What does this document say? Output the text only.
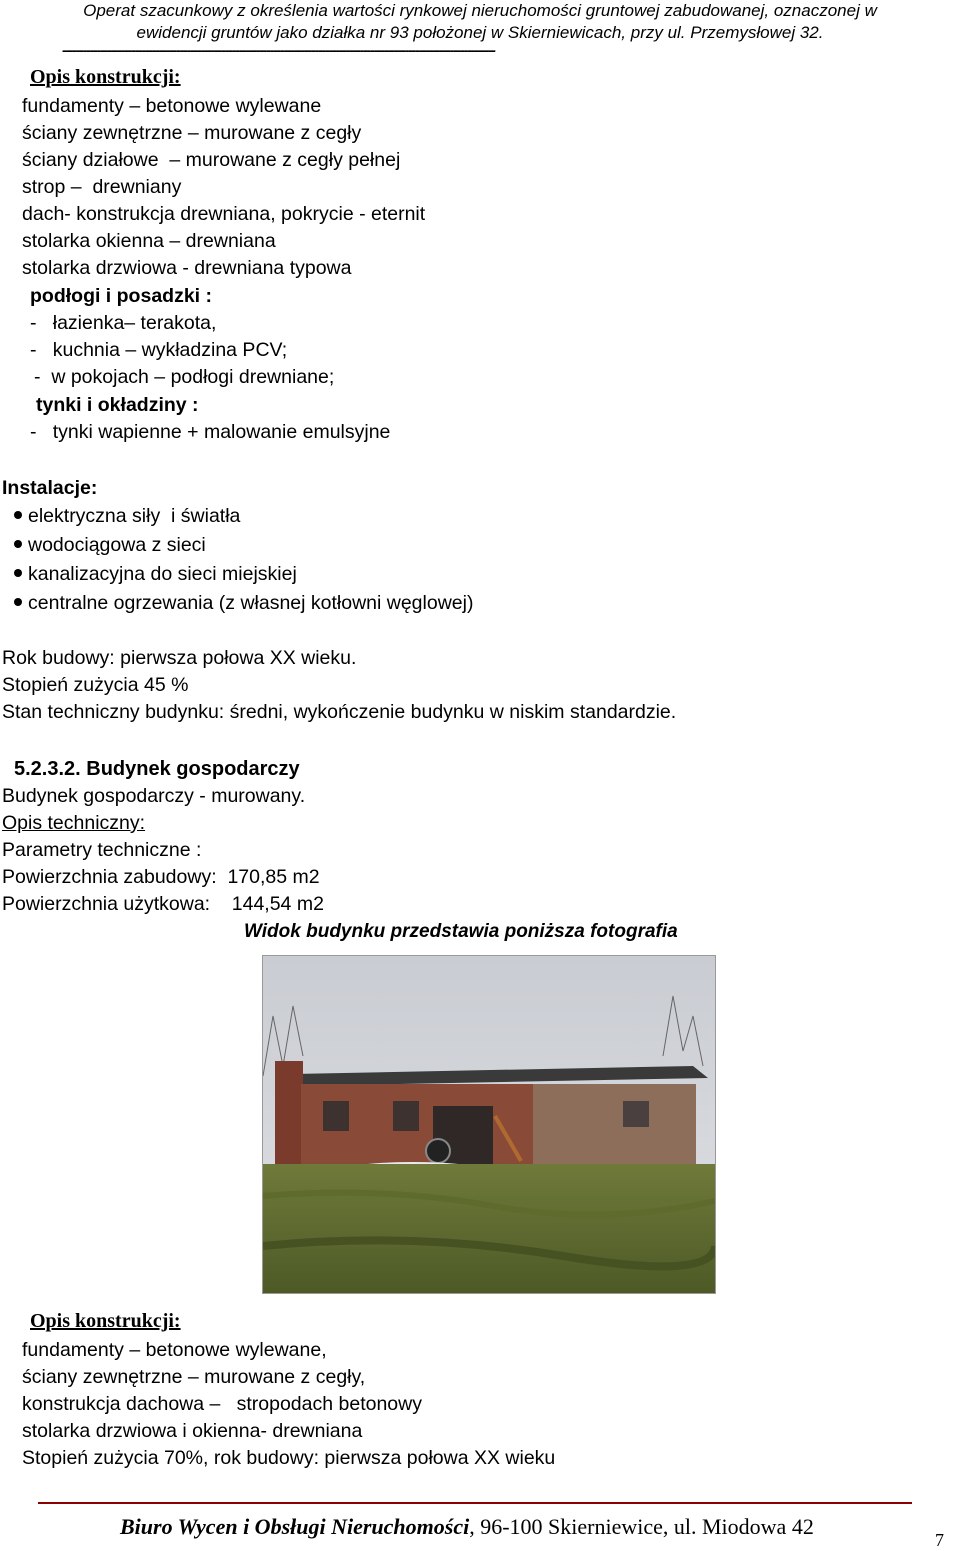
Operat szacunkowy z określenia wartości rynkowej nieruchomości gruntowej zabudowanej, oznaczonej w
ewidencji gruntów jako działka nr 93 położonej w Skierniewicach, przy ul. Przemysłowej 32.
-----------------------------------------------------------------------------------------------------------------------------
Opis konstrukcji:
fundamenty – betonowe wylewane
ściany zewnętrzne – murowane z cegły
ściany działowe  – murowane z cegły pełnej
strop –  drewniany
dach- konstrukcja drewniana, pokrycie - eternit
stolarka okienna – drewniana
stolarka drzwiowa - drewniana typowa
podłogi i posadzki :
-   łazienka– terakota,
-   kuchnia – wykładzina PCV;
-  w pokojach – podłogi drewniane;
tynki i okładziny :
-   tynki wapienne + malowanie emulsyjne
Instalacje:
elektryczna siły  i światła
wodociągowa z sieci
kanalizacyjna do sieci miejskiej
centralne ogrzewania (z własnej kotłowni węglowej)
Rok budowy: pierwsza połowa XX wieku.
Stopień zużycia 45 %
Stan techniczny budynku: średni, wykończenie budynku w niskim standardzie.
5.2.3.2. Budynek gospodarczy
Budynek gospodarczy - murowany.
Opis techniczny:
Parametry techniczne :
Powierzchnia zabudowy:  170,85 m2
Powierzchnia użytkowa:    144,54 m2
Widok budynku przedstawia poniższa fotografia
Opis konstrukcji:
fundamenty – betonowe wylewane,
ściany zewnętrzne – murowane z cegły,
konstrukcja dachowa –   stropodach betonowy
stolarka drzwiowa i okienna- drewniana
Stopień zużycia 70%, rok budowy: pierwsza połowa XX wieku
Biuro Wycen i Obsługi Nieruchomości, 96-100 Skierniewice, ul. Miodowa 42
7
